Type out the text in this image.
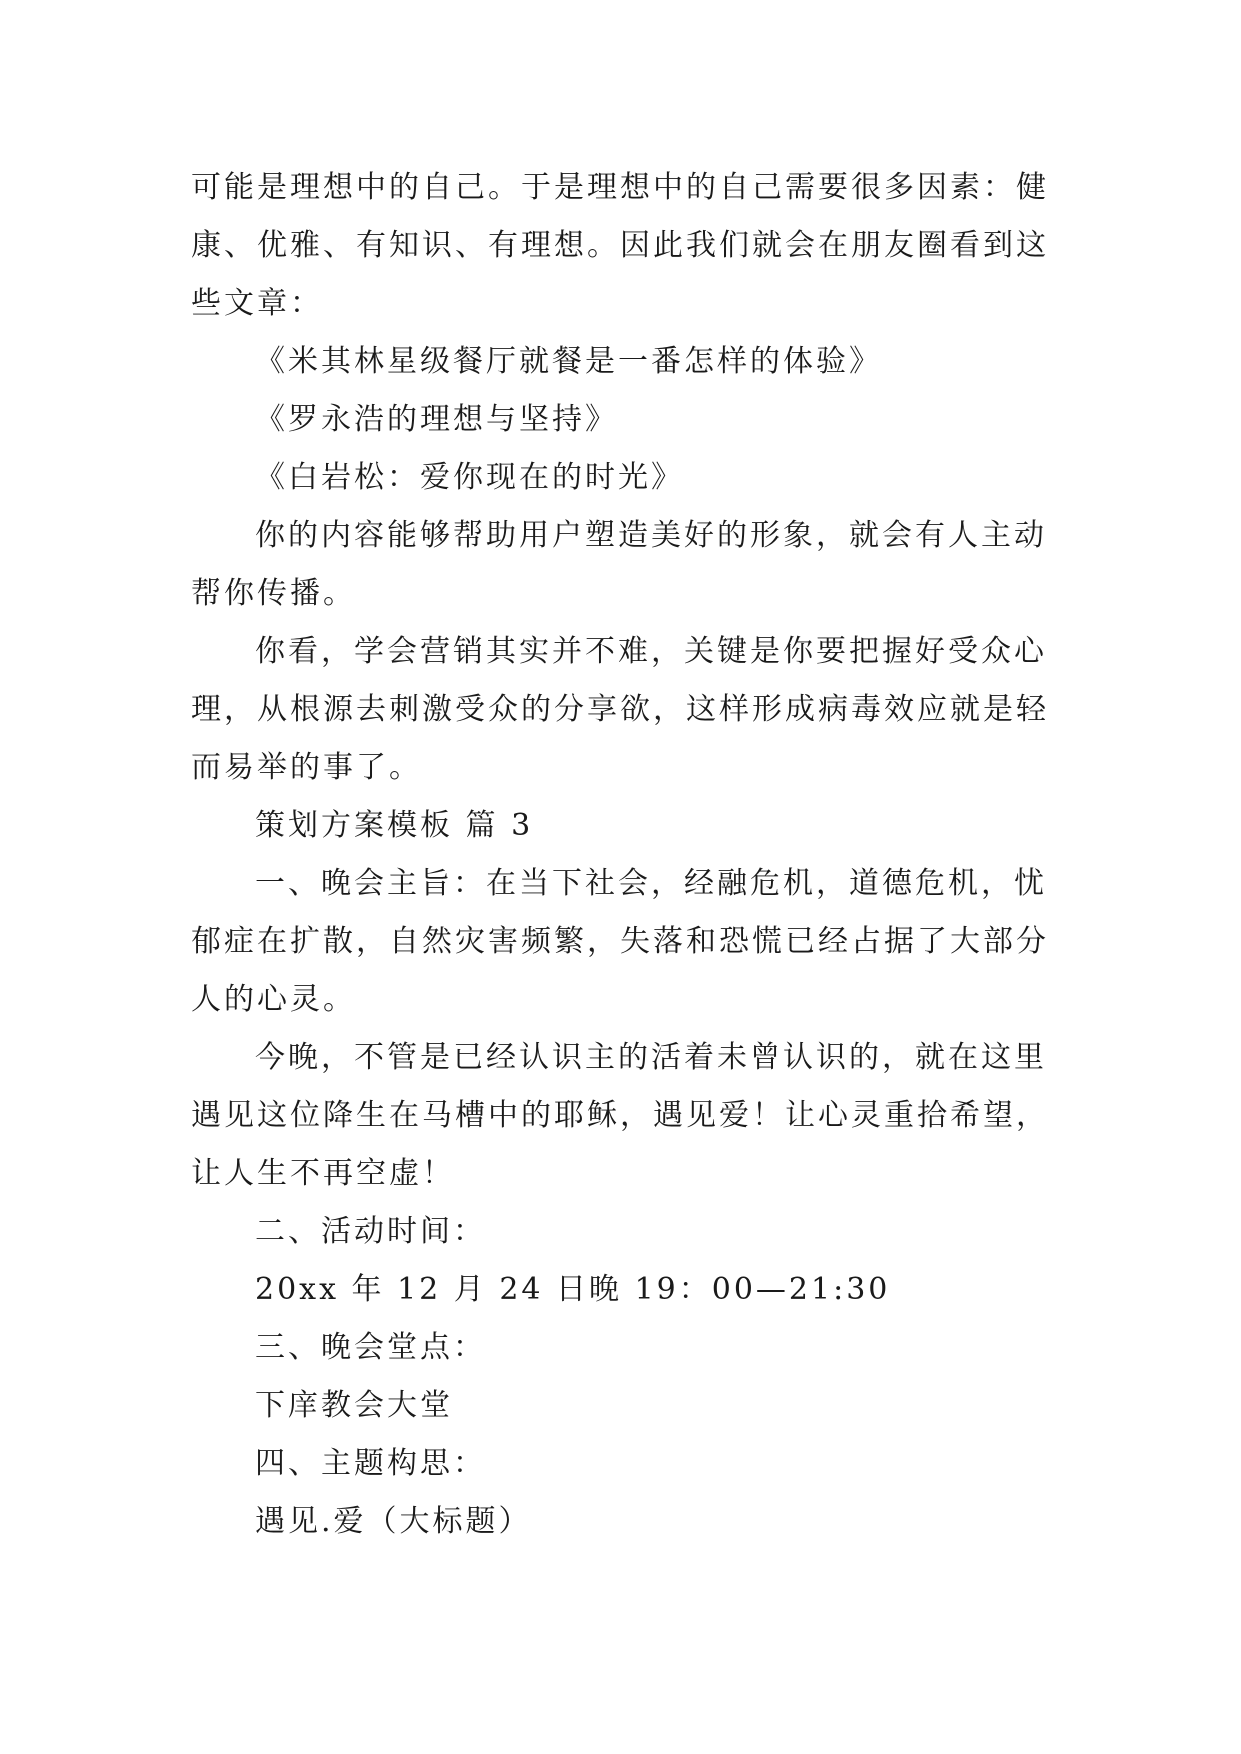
可能是理想中的自己。于是理想中的自己需要很多因素：健
康、优雅、有知识、有理想。因此我们就会在朋友圈看到这
些文章：
《米其林星级餐厅就餐是一番怎样的体验》
《罗永浩的理想与坚持》
《白岩松：爱你现在的时光》
你的内容能够帮助用户塑造美好的形象，就会有人主动
帮你传播。
你看，学会营销其实并不难，关键是你要把握好受众心
理，从根源去刺激受众的分享欲，这样形成病毒效应就是轻
而易举的事了。
策划方案模板 篇 3
一、晚会主旨：在当下社会，经融危机，道德危机，忧
郁症在扩散，自然灾害频繁，失落和恐慌已经占据了大部分
人的心灵。
今晚，不管是已经认识主的活着未曾认识的，就在这里
遇见这位降生在马槽中的耶稣，遇见爱！让心灵重拾希望，
让人生不再空虚！
二、活动时间：
20xx 年 12 月 24 日晚 19：00—21:30
三、晚会堂点：
下庠教会大堂
四、主题构思：
遇见.爱（大标题）
